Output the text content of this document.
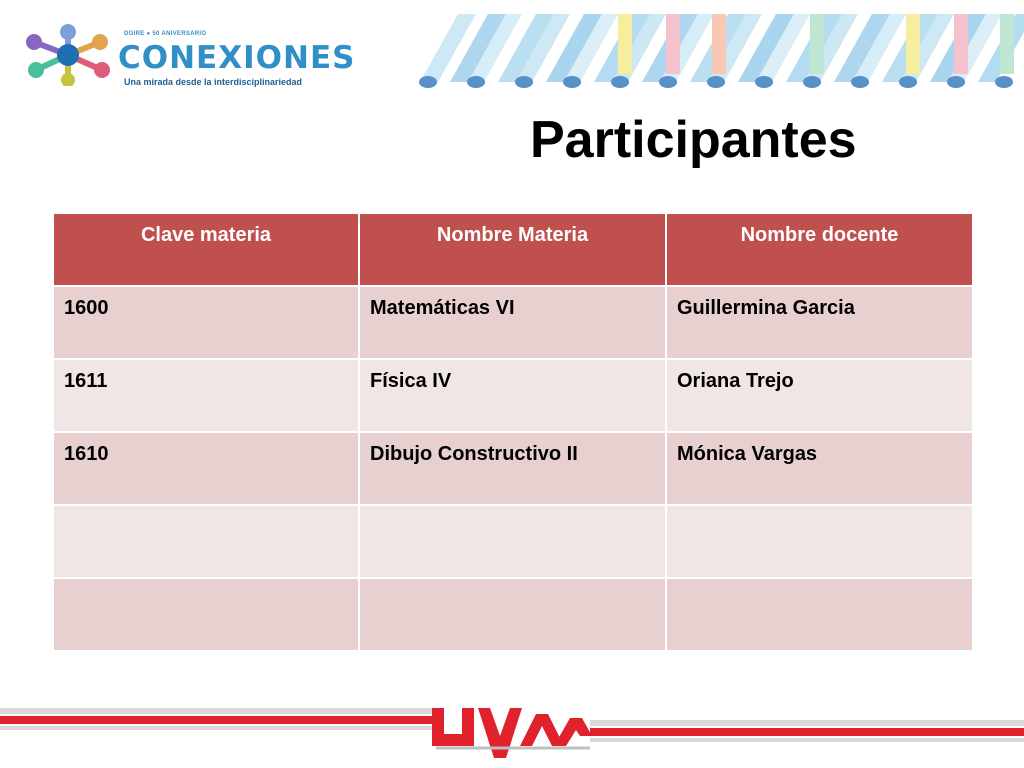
DGIRE ● 50 ANIVERSARIO
CONEXIONES
Una mirada desde la interdisciplinariedad
Participantes
Clave materia	Nombre Materia	Nombre docente
1600	Matemáticas VI	Guillermina Garcia
1611	Física IV	Oriana Trejo
1610	Dibujo Constructivo II	Mónica Vargas
